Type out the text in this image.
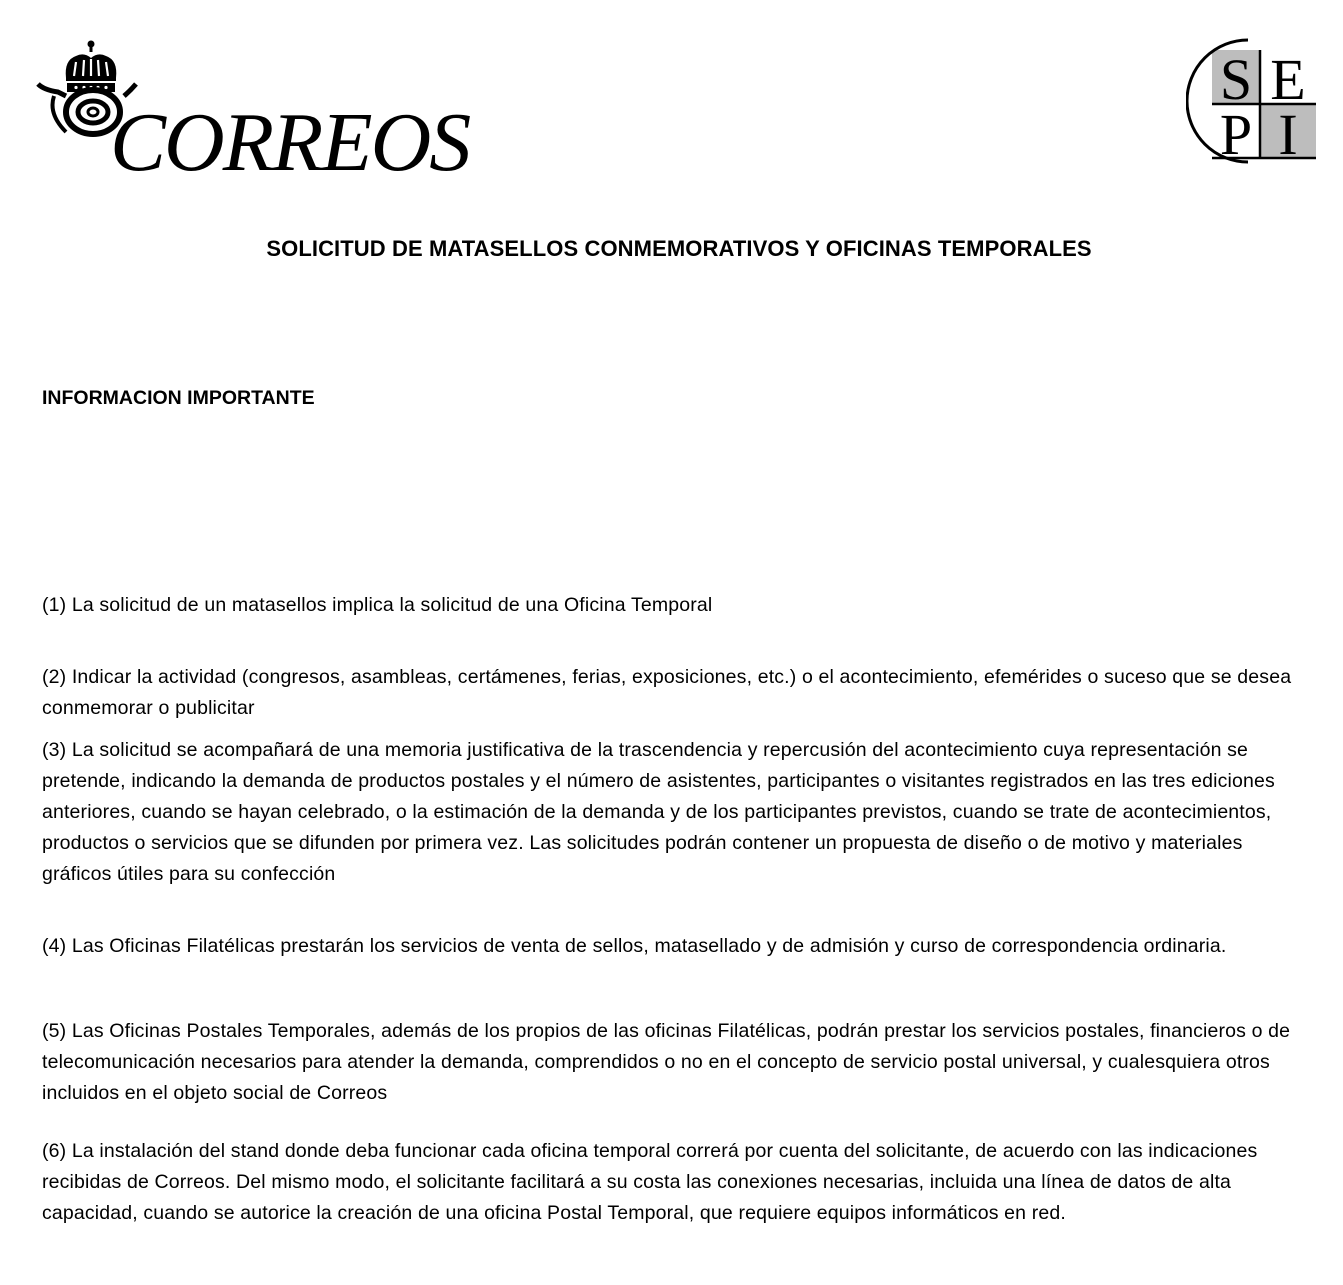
CORREOS
S E
P I
SOLICITUD DE MATASELLOS CONMEMORATIVOS Y OFICINAS TEMPORALES
INFORMACION IMPORTANTE

(1) La solicitud de un matasellos implica la solicitud de una Oficina Temporal

(2) Indicar la actividad (congresos, asambleas, certámenes, ferias, exposiciones, etc.) o el acontecimiento, efemérides o suceso que se desea conmemorar o publicitar

(3) La solicitud se acompañará de una memoria justificativa de la trascendencia y repercusión del acontecimiento cuya representación se pretende, indicando la demanda de productos postales y el número de asistentes, participantes o visitantes registrados en las tres ediciones anteriores, cuando se hayan celebrado, o la estimación de la demanda y de los participantes previstos, cuando se trate de acontecimientos, productos o servicios que se difunden por primera vez. Las solicitudes podrán contener un propuesta de diseño o de motivo y materiales gráficos útiles para su confección

(4) Las Oficinas Filatélicas prestarán los servicios de venta de sellos, matasellado y de admisión y curso de correspondencia ordinaria.

(5) Las Oficinas Postales Temporales, además de los propios de las oficinas Filatélicas, podrán prestar los servicios postales, financieros o de telecomunicación necesarios para atender la demanda, comprendidos o no en el concepto de servicio postal universal, y cualesquiera otros incluidos en el objeto social de Correos

(6) La instalación del stand donde deba funcionar cada oficina temporal correrá por cuenta del solicitante, de acuerdo con las indicaciones recibidas de Correos. Del mismo modo, el solicitante facilitará a su costa las conexiones necesarias, incluida una línea de datos de alta capacidad, cuando se autorice la creación de una oficina Postal Temporal, que requiere equipos informáticos en red.
